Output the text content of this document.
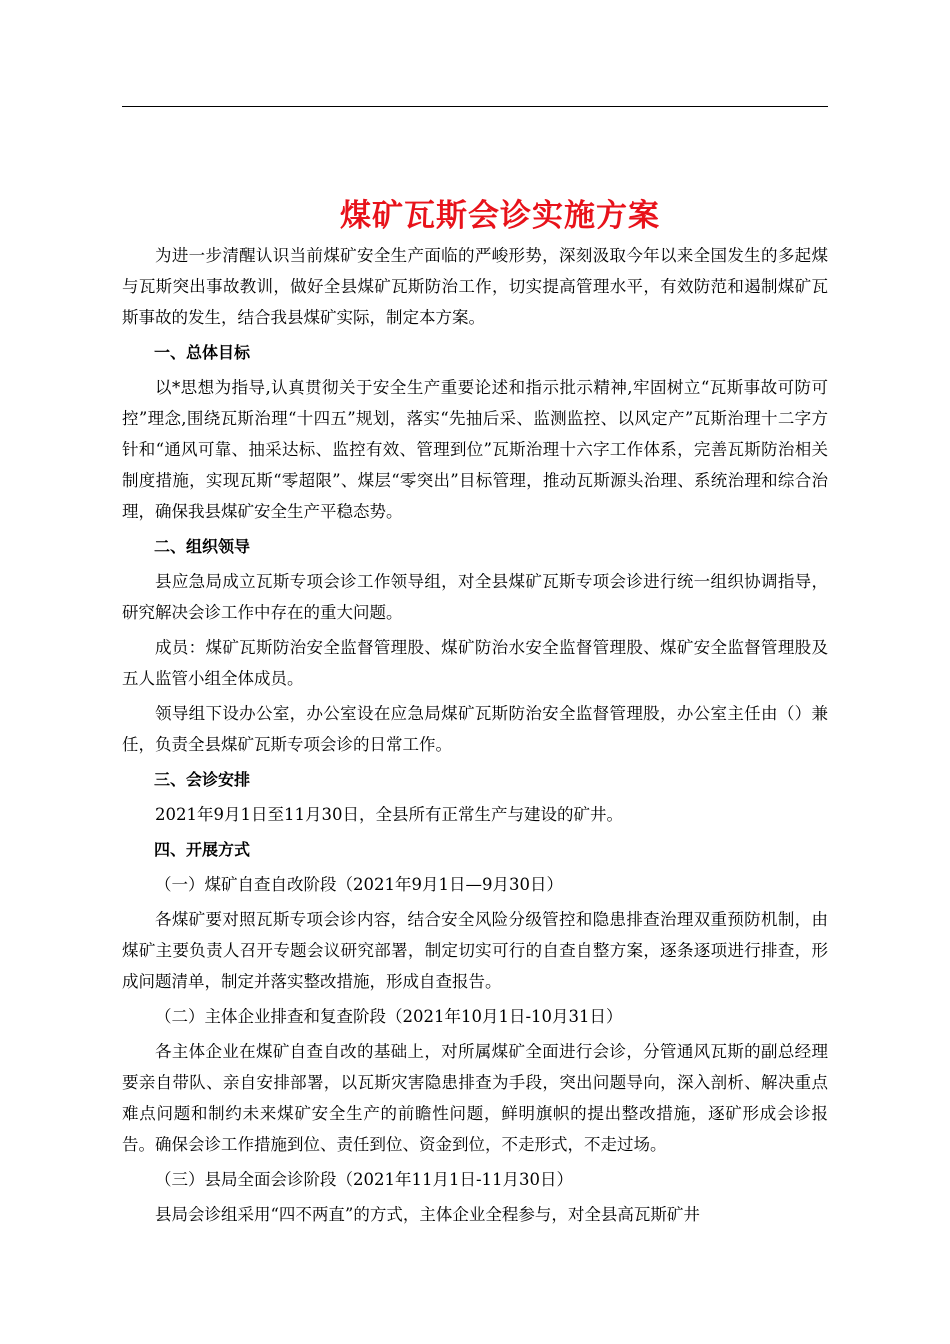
煤矿瓦斯会诊实施方案

为进一步清醒认识当前煤矿安全生产面临的严峻形势，深刻汲取今年以来全国发生的多起煤与瓦斯突出事故教训，做好全县煤矿瓦斯防治工作，切实提高管理水平，有效防范和遏制煤矿瓦斯事故的发生，结合我县煤矿实际，制定本方案。

一、总体目标

以*思想为指导,认真贯彻关于安全生产重要论述和指示批示精神,牢固树立“瓦斯事故可防可控”理念,围绕瓦斯治理“十四五”规划，落实“先抽后采、监测监控、以风定产”瓦斯治理十二字方针和“通风可靠、抽采达标、监控有效、管理到位”瓦斯治理十六字工作体系，完善瓦斯防治相关制度措施，实现瓦斯“零超限”、煤层“零突出”目标管理，推动瓦斯源头治理、系统治理和综合治理，确保我县煤矿安全生产平稳态势。

二、组织领导

县应急局成立瓦斯专项会诊工作领导组，对全县煤矿瓦斯专项会诊进行统一组织协调指导，研究解决会诊工作中存在的重大问题。

成员：煤矿瓦斯防治安全监督管理股、煤矿防治水安全监督管理股、煤矿安全监督管理股及五人监管小组全体成员。

领导组下设办公室，办公室设在应急局煤矿瓦斯防治安全监督管理股，办公室主任由（）兼任，负责全县煤矿瓦斯专项会诊的日常工作。

三、会诊安排

2021年9月1日至11月30日，全县所有正常生产与建设的矿井。

四、开展方式

（一）煤矿自查自改阶段（2021年9月1日—9月30日）

各煤矿要对照瓦斯专项会诊内容，结合安全风险分级管控和隐患排查治理双重预防机制，由煤矿主要负责人召开专题会议研究部署，制定切实可行的自查自整方案，逐条逐项进行排查，形成问题清单，制定并落实整改措施，形成自查报告。

（二）主体企业排查和复查阶段（2021年10月1日-10月31日）

各主体企业在煤矿自查自改的基础上，对所属煤矿全面进行会诊，分管通风瓦斯的副总经理要亲自带队、亲自安排部署，以瓦斯灾害隐患排查为手段，突出问题导向，深入剖析、解决重点难点问题和制约未来煤矿安全生产的前瞻性问题，鲜明旗帜的提出整改措施，逐矿形成会诊报告。确保会诊工作措施到位、责任到位、资金到位，不走形式，不走过场。

（三）县局全面会诊阶段（2021年11月1日-11月30日）

县局会诊组采用“四不两直”的方式，主体企业全程参与，对全县高瓦斯矿井
